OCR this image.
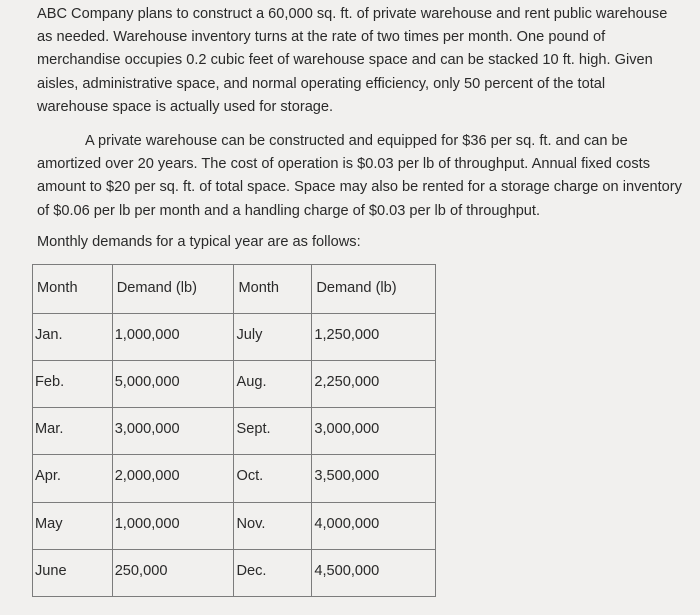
ABC Company plans to construct a 60,000 sq. ft. of private warehouse and rent public warehouse
as needed. Warehouse inventory turns at the rate of two times per month. One pound of
merchandise occupies 0.2 cubic feet of warehouse space and can be stacked 10 ft. high. Given
aisles, administrative space, and normal operating efficiency, only 50 percent of the total
warehouse space is actually used for storage.
A private warehouse can be constructed and equipped for $36 per sq. ft. and can be
amortized over 20 years. The cost of operation is $0.03 per lb of throughput. Annual fixed costs
amount to $20 per sq. ft. of total space. Space may also be rented for a storage charge on inventory
of $0.06 per lb per month and a handling charge of $0.03 per lb of throughput.
Monthly demands for a typical year are as follows:
Month	Demand (lb)	Month	Demand (lb)
Jan.	1,000,000	July	1,250,000
Feb.	5,000,000	Aug.	2,250,000
Mar.	3,000,000	Sept.	3,000,000
Apr.	2,000,000	Oct.	3,500,000
May	1,000,000	Nov.	4,000,000
June	250,000	Dec.	4,500,000
